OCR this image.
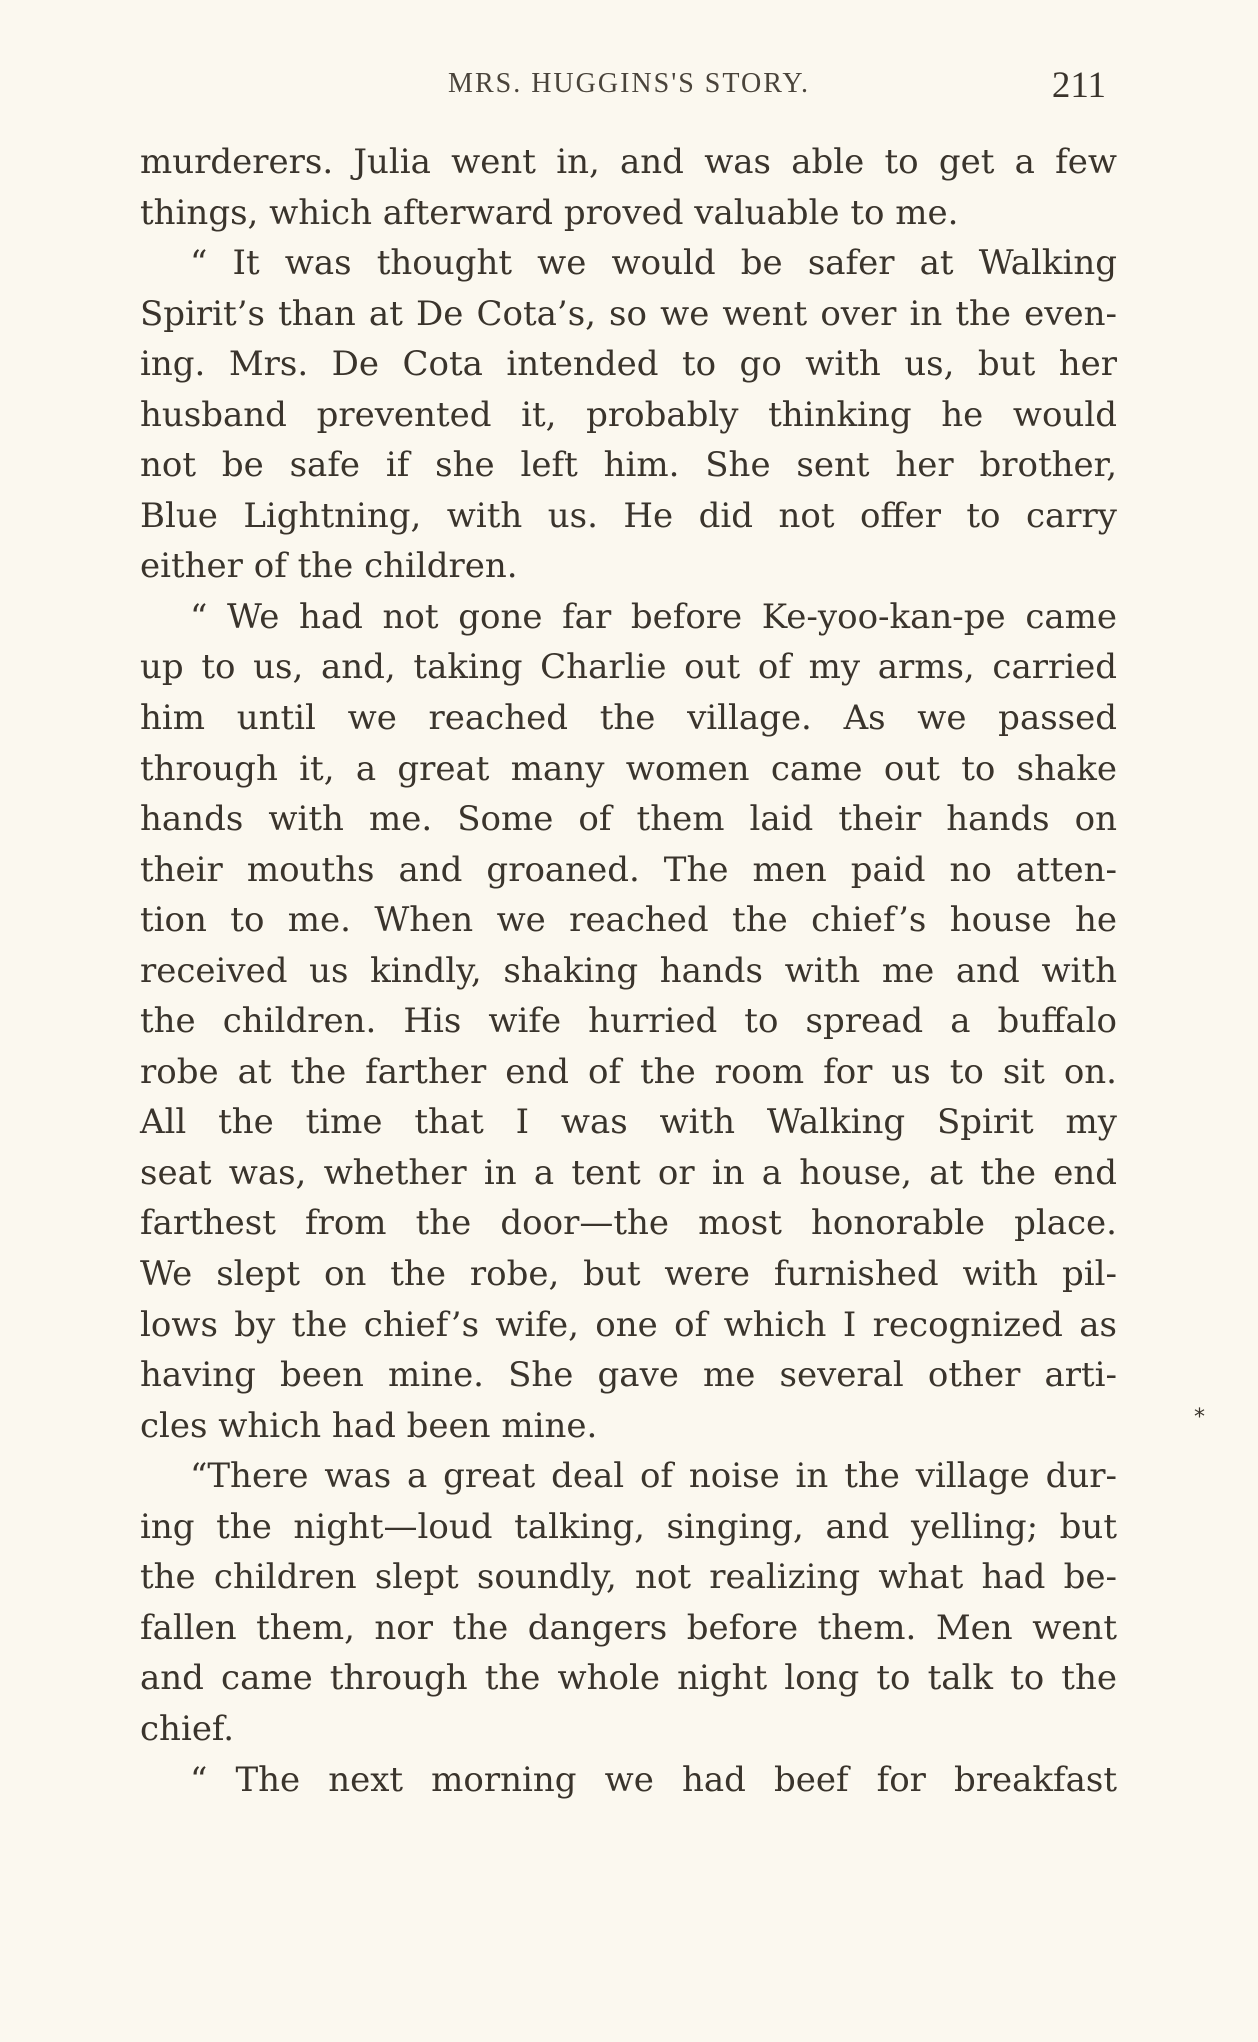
MRS. HUGGINS'S STORY.	211
murderers. Julia went in, and was able to get a few
things, which afterward proved valuable to me.
“ It was thought we would be safer at Walking
Spirit’s than at De Cota’s, so we went over in the even-
ing. Mrs. De Cota intended to go with us, but her
husband prevented it, probably thinking he would
not be safe if she left him. She sent her brother,
Blue Lightning, with us. He did not offer to carry
either of the children.
“ We had not gone far before Ke-yoo-kan-pe came
up to us, and, taking Charlie out of my arms, carried
him until we reached the village. As we passed
through it, a great many women came out to shake
hands with me. Some of them laid their hands on
their mouths and groaned. The men paid no atten-
tion to me. When we reached the chief’s house he
received us kindly, shaking hands with me and with
the children. His wife hurried to spread a buffalo
robe at the farther end of the room for us to sit on.
All the time that I was with Walking Spirit my
seat was, whether in a tent or in a house, at the end
farthest from the door—the most honorable place.
We slept on the robe, but were furnished with pil-
lows by the chief’s wife, one of which I recognized as
having been mine. She gave me several other arti-
cles which had been mine.
“There was a great deal of noise in the village dur-
ing the night—loud talking, singing, and yelling; but
the children slept soundly, not realizing what had be-
fallen them, nor the dangers before them. Men went
and came through the whole night long to talk to the
chief.
“ The next morning we had beef for breakfast
*
